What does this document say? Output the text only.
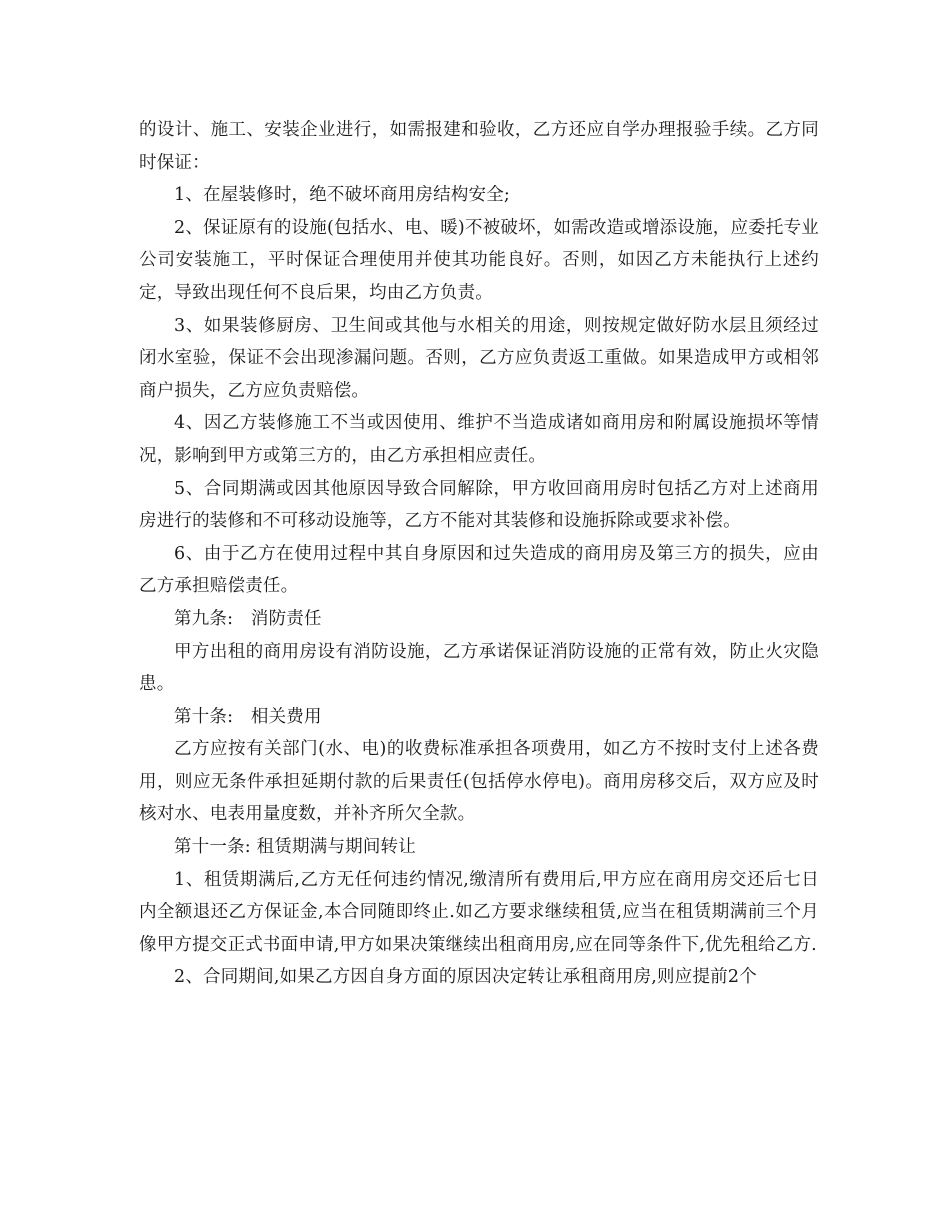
的设计、施工、安装企业进行，如需报建和验收，乙方还应自学办理报验手续。乙方同时保证：

1、在屋装修时，绝不破坏商用房结构安全;

2、保证原有的设施(包括水、电、暖)不被破坏，如需改造或增添设施，应委托专业公司安装施工，平时保证合理使用并使其功能良好。否则，如因乙方未能执行上述约定，导致出现任何不良后果，均由乙方负责。

3、如果装修厨房、卫生间或其他与水相关的用途，则按规定做好防水层且须经过闭水室验，保证不会出现渗漏问题。否则，乙方应负责返工重做。如果造成甲方或相邻商户损失，乙方应负责赔偿。

4、因乙方装修施工不当或因使用、维护不当造成诸如商用房和附属设施损坏等情况，影响到甲方或第三方的，由乙方承担相应责任。

5、合同期满或因其他原因导致合同解除，甲方收回商用房时包括乙方对上述商用房进行的装修和不可移动设施等，乙方不能对其装修和设施拆除或要求补偿。

6、由于乙方在使用过程中其自身原因和过失造成的商用房及第三方的损失，应由乙方承担赔偿责任。

第九条:　消防责任

甲方出租的商用房设有消防设施，乙方承诺保证消防设施的正常有效，防止火灾隐患。

第十条:　相关费用

乙方应按有关部门(水、电)的收费标准承担各项费用，如乙方不按时支付上述各费用，则应无条件承担延期付款的后果责任(包括停水停电)。商用房移交后，双方应及时核对水、电表用量度数，并补齐所欠全款。

第十一条: 租赁期满与期间转让

1、租赁期满后,乙方无任何违约情况,缴清所有费用后,甲方应在商用房交还后七日内全额退还乙方保证金,本合同随即终止.如乙方要求继续租赁,应当在租赁期满前三个月像甲方提交正式书面申请,甲方如果决策继续出租商用房,应在同等条件下,优先租给乙方.

2、合同期间,如果乙方因自身方面的原因决定转让承租商用房,则应提前2个
